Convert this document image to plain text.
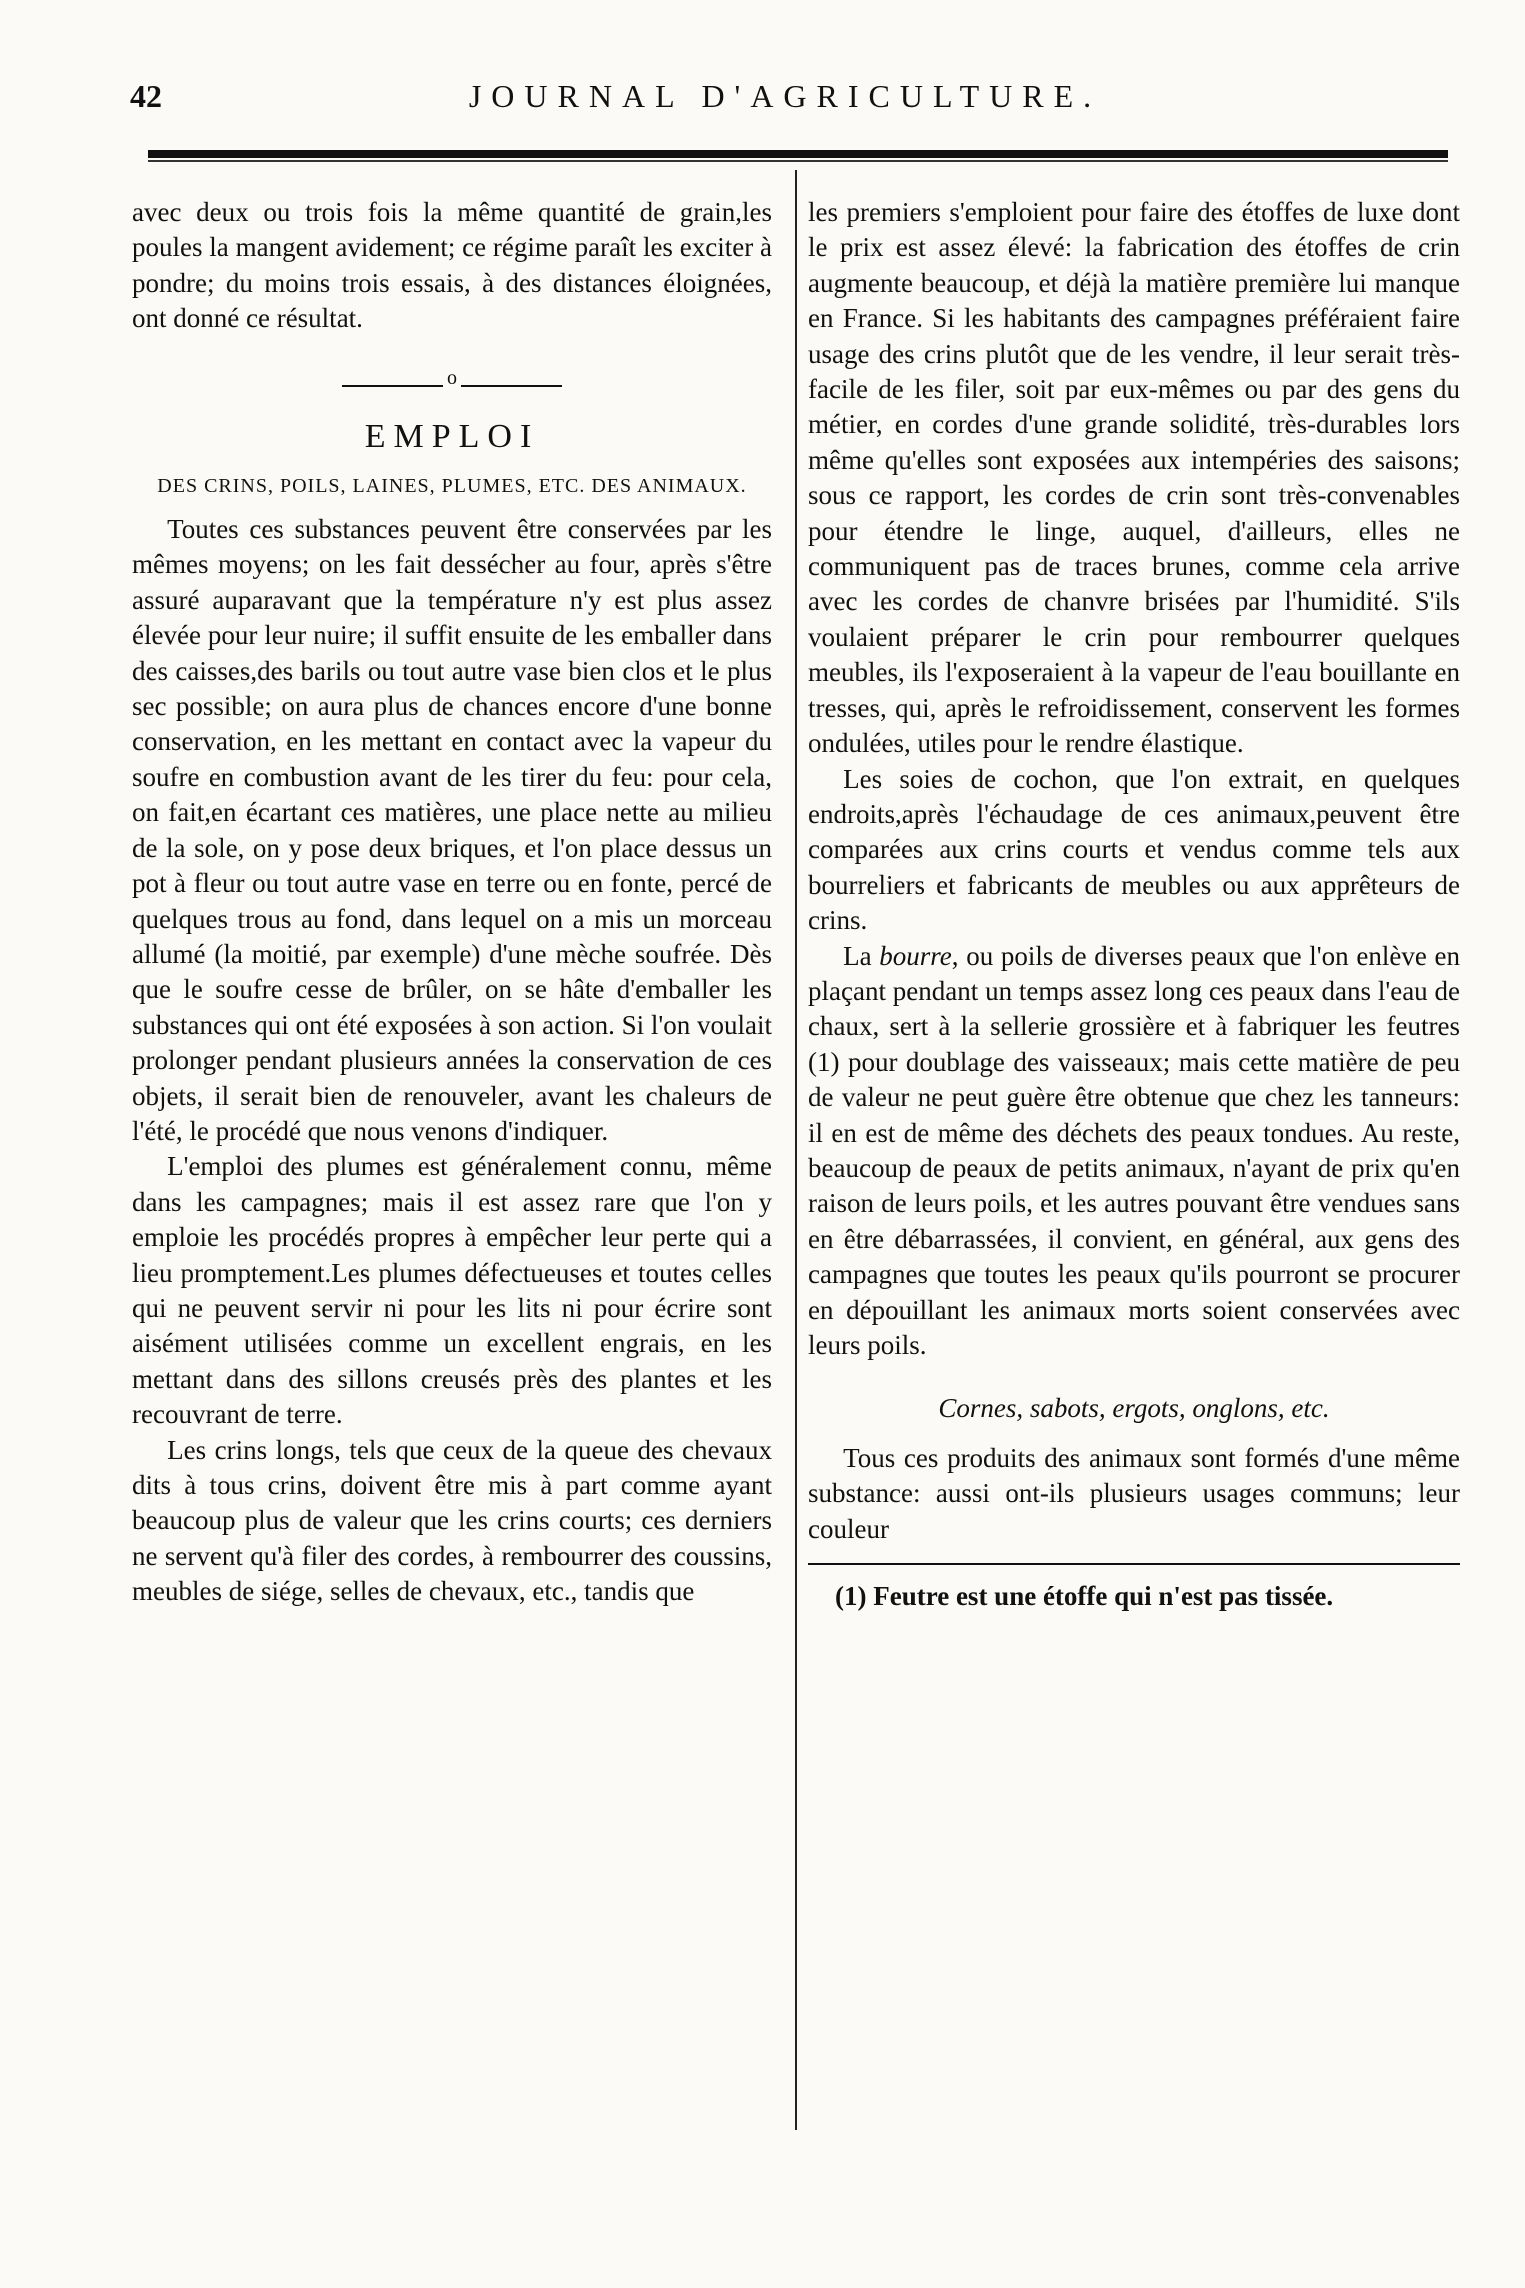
42	JOURNAL D'AGRICULTURE.

avec deux ou trois fois la même quantité de grain,les poules la mangent avidement; ce régime paraît les exciter à pondre; du moins trois essais, à des distances éloignées, ont donné ce résultat.

o
EMPLOI
DES CRINS, POILS, LAINES, PLUMES, ETC. DES ANIMAUX.

Toutes ces substances peuvent être conservées par les mêmes moyens; on les fait dessécher au four, après s'être assuré auparavant que la température n'y est plus assez élevée pour leur nuire; il suffit ensuite de les emballer dans des caisses,des barils ou tout autre vase bien clos et le plus sec possible; on aura plus de chances encore d'une bonne conservation, en les mettant en contact avec la vapeur du soufre en combustion avant de les tirer du feu: pour cela, on fait,en écartant ces matières, une place nette au milieu de la sole, on y pose deux briques, et l'on place dessus un pot à fleur ou tout autre vase en terre ou en fonte, percé de quelques trous au fond, dans lequel on a mis un morceau allumé (la moitié, par exemple) d'une mèche soufrée. Dès que le soufre cesse de brûler, on se hâte d'emballer les substances qui ont été exposées à son action. Si l'on voulait prolonger pendant plusieurs années la conservation de ces objets, il serait bien de renouveler, avant les chaleurs de l'été, le procédé que nous venons d'indiquer.

L'emploi des plumes est généralement connu, même dans les campagnes; mais il est assez rare que l'on y emploie les procédés propres à empêcher leur perte qui a lieu promptement.Les plumes défectueuses et toutes celles qui ne peuvent servir ni pour les lits ni pour écrire sont aisément utilisées comme un excellent engrais, en les mettant dans des sillons creusés près des plantes et les recouvrant de terre.

Les crins longs, tels que ceux de la queue des chevaux dits à tous crins, doivent être mis à part comme ayant beaucoup plus de valeur que les crins courts; ces derniers ne servent qu'à filer des cordes, à rembourrer des coussins, meubles de siége, selles de chevaux, etc., tandis que

les premiers s'emploient pour faire des étoffes de luxe dont le prix est assez élevé: la fabrication des étoffes de crin augmente beaucoup, et déjà la matière première lui manque en France. Si les habitants des campagnes préféraient faire usage des crins plutôt que de les vendre, il leur serait très-facile de les filer, soit par eux-mêmes ou par des gens du métier, en cordes d'une grande solidité, très-durables lors même qu'elles sont exposées aux intempéries des saisons; sous ce rapport, les cordes de crin sont très-convenables pour étendre le linge, auquel, d'ailleurs, elles ne communiquent pas de traces brunes, comme cela arrive avec les cordes de chanvre brisées par l'humidité. S'ils voulaient préparer le crin pour rembourrer quelques meubles, ils l'exposeraient à la vapeur de l'eau bouillante en tresses, qui, après le refroidissement, conservent les formes ondulées, utiles pour le rendre élastique.

Les soies de cochon, que l'on extrait, en quelques endroits,après l'échaudage de ces animaux,peuvent être comparées aux crins courts et vendus comme tels aux bourreliers et fabricants de meubles ou aux apprêteurs de crins.

La bourre, ou poils de diverses peaux que l'on enlève en plaçant pendant un temps assez long ces peaux dans l'eau de chaux, sert à la sellerie grossière et à fabriquer les feutres (1) pour doublage des vaisseaux; mais cette matière de peu de valeur ne peut guère être obtenue que chez les tanneurs: il en est de même des déchets des peaux tondues. Au reste, beaucoup de peaux de petits animaux, n'ayant de prix qu'en raison de leurs poils, et les autres pouvant être vendues sans en être débarrassées, il convient, en général, aux gens des campagnes que toutes les peaux qu'ils pourront se procurer en dépouillant les animaux morts soient conservées avec leurs poils.

Cornes, sabots, ergots, onglons, etc.

Tous ces produits des animaux sont formés d'une même substance: aussi ont-ils plusieurs usages communs; leur couleur

(1) Feutre est une étoffe qui n'est pas tissée.
